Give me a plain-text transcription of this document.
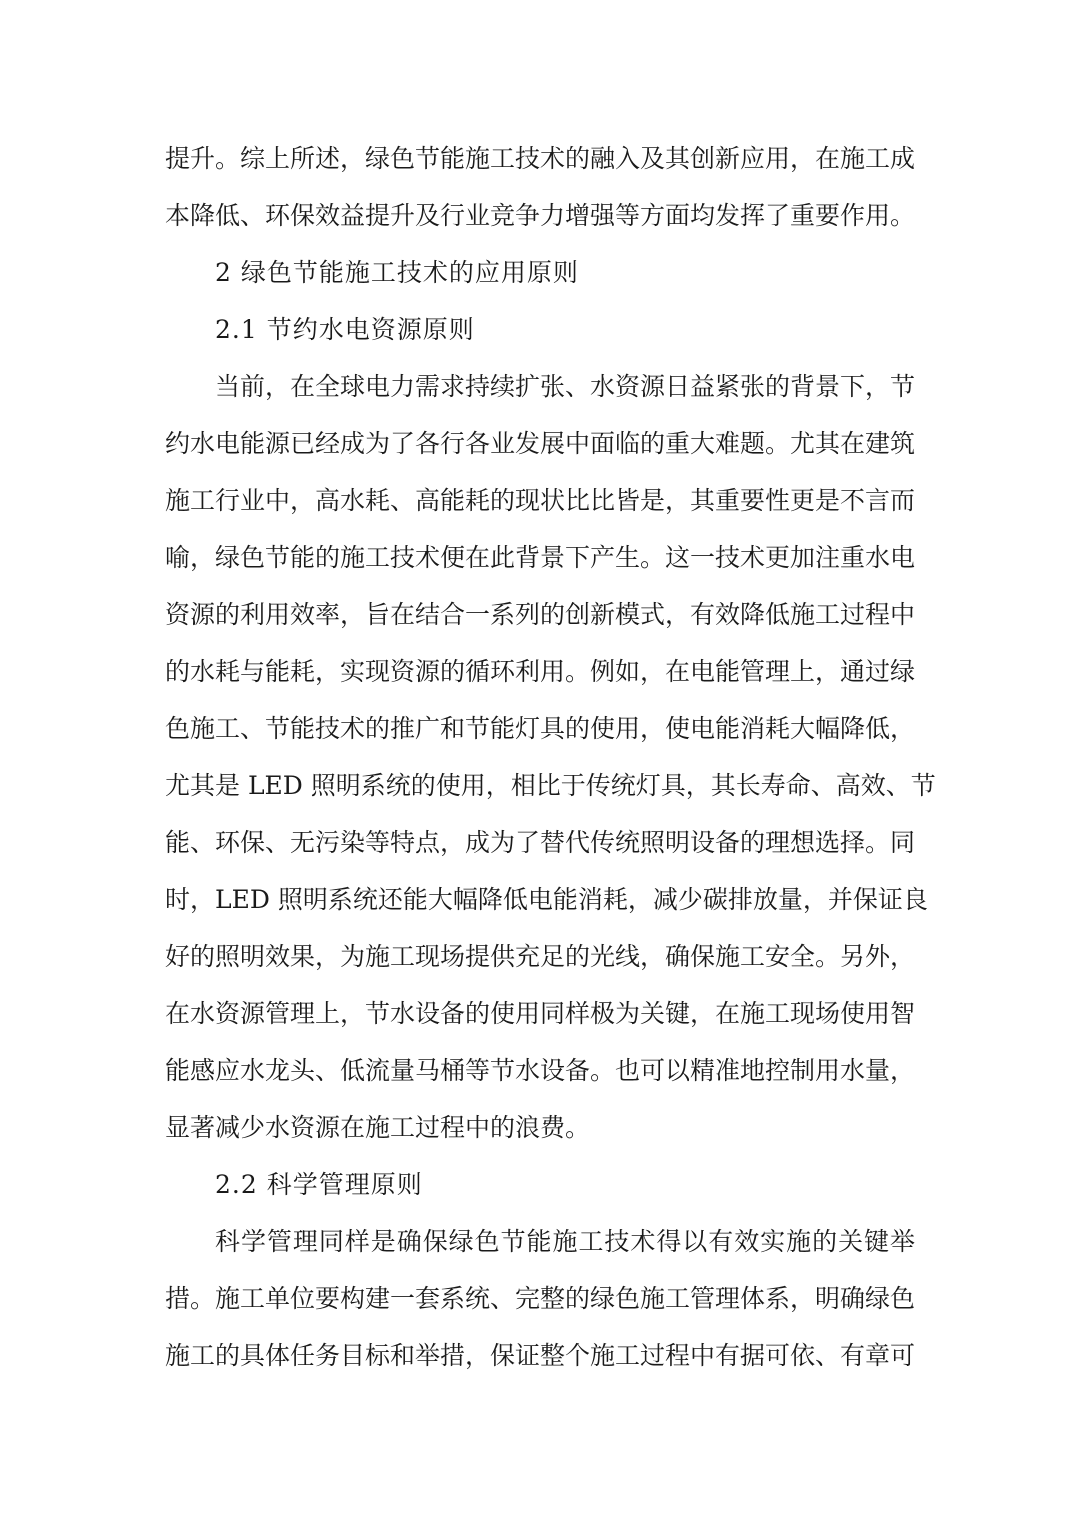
提升。综上所述，绿色节能施工技术的融入及其创新应用，在施工成
本降低、环保效益提升及行业竞争力增强等方面均发挥了重要作用。
2 绿色节能施工技术的应用原则
2.1 节约水电资源原则
当前，在全球电力需求持续扩张、水资源日益紧张的背景下，节
约水电能源已经成为了各行各业发展中面临的重大难题。尤其在建筑
施工行业中，高水耗、高能耗的现状比比皆是，其重要性更是不言而
喻，绿色节能的施工技术便在此背景下产生。这一技术更加注重水电
资源的利用效率，旨在结合一系列的创新模式，有效降低施工过程中
的水耗与能耗，实现资源的循环利用。例如，在电能管理上，通过绿
色施工、节能技术的推广和节能灯具的使用，使电能消耗大幅降低，
尤其是 LED 照明系统的使用，相比于传统灯具，其长寿命、高效、节
能、环保、无污染等特点，成为了替代传统照明设备的理想选择。同
时，LED 照明系统还能大幅降低电能消耗，减少碳排放量，并保证良
好的照明效果，为施工现场提供充足的光线，确保施工安全。另外，
在水资源管理上，节水设备的使用同样极为关键，在施工现场使用智
能感应水龙头、低流量马桶等节水设备。也可以精准地控制用水量，
显著减少水资源在施工过程中的浪费。
2.2 科学管理原则
科学管理同样是确保绿色节能施工技术得以有效实施的关键举
措。施工单位要构建一套系统、完整的绿色施工管理体系，明确绿色
施工的具体任务目标和举措，保证整个施工过程中有据可依、有章可
